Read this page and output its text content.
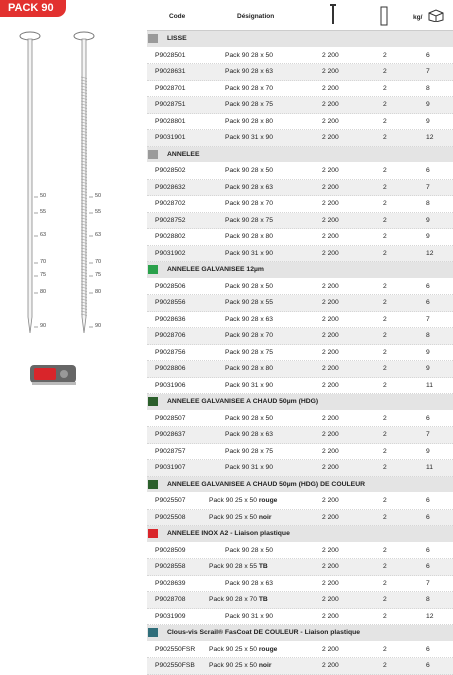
PACK 90
50	50
55	55
63	63
70	70
75	75
80	80
90	90
Code	Désignation	kg/
LISSE
P9028501	Pack 90 28 x 50	2 200	2	6
P9028631	Pack 90 28 x 63	2 200	2	7
P9028701	Pack 90 28 x 70	2 200	2	8
P9028751	Pack 90 28 x 75	2 200	2	9
P9028801	Pack 90 28 x 80	2 200	2	9
P9031901	Pack 90 31 x 90	2 200	2	12
ANNELEE
P9028502	Pack 90 28 x 50	2 200	2	6
P9028632	Pack 90 28 x 63	2 200	2	7
P9028702	Pack 90 28 x 70	2 200	2	8
P9028752	Pack 90 28 x 75	2 200	2	9
P9028802	Pack 90 28 x 80	2 200	2	9
P9031902	Pack 90 31 x 90	2 200	2	12
ANNELEE GALVANISEE 12µm
P9028506	Pack 90 28 x 50	2 200	2	6
P9028556	Pack 90 28 x 55	2 200	2	6
P9028636	Pack 90 28 x 63	2 200	2	7
P9028706	Pack 90 28 x 70	2 200	2	8
P9028756	Pack 90 28 x 75	2 200	2	9
P9028806	Pack 90 28 x 80	2 200	2	9
P9031906	Pack 90 31 x 90	2 200	2	11
ANNELEE GALVANISEE A CHAUD 50µm (HDG)
P9028507	Pack 90 28 x 50	2 200	2	6
P9028637	Pack 90 28 x 63	2 200	2	7
P9028757	Pack 90 28 x 75	2 200	2	9
P9031907	Pack 90 31 x 90	2 200	2	11
ANNELEE GALVANISEE A CHAUD 50µm (HDG) DE COULEUR
P9025507	Pack 90 25 x 50 rouge	2 200	2	6
P9025508	Pack 90 25 x 50 noir	2 200	2	6
ANNELEE INOX A2 - Liaison plastique
P9028509	Pack 90 28 x 50	2 200	2	6
P9028558	Pack 90 28 x 55 TB	2 200	2	6
P9028639	Pack 90 28 x 63	2 200	2	7
P9028708	Pack 90 28 x 70 TB	2 200	2	8
P9031909	Pack 90 31 x 90	2 200	2	12
Clous-vis Scrail® FasCoat DE COULEUR - Liaison plastique
P902550FSR Pack 90 25 x 50 rouge	2 200	2	6
P902550FSB Pack 90 25 x 50 noir	2 200	2	6
